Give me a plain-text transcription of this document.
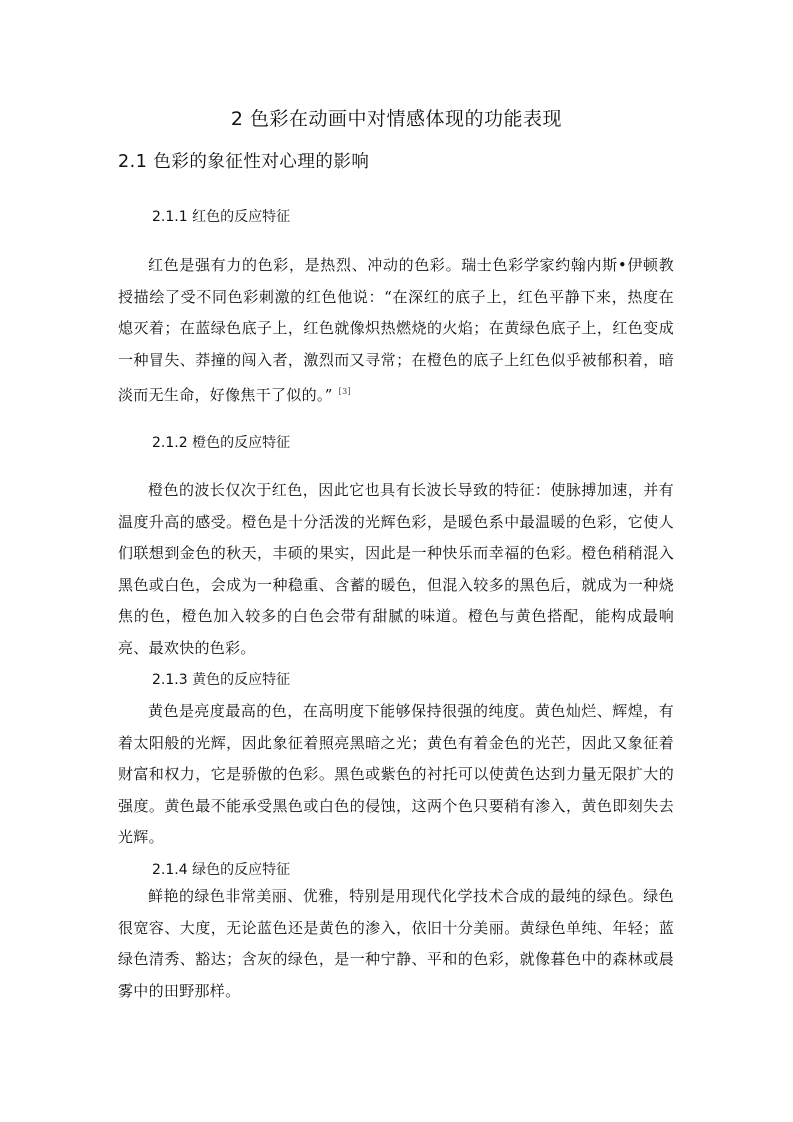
2 色彩在动画中对情感体现的功能表现
2.1 色彩的象征性对心理的影响
2.1.1 红色的反应特征
红色是强有力的色彩，是热烈、冲动的色彩。瑞士色彩学家约翰内斯•伊顿教授描绘了受不同色彩刺激的红色他说：“在深红的底子上，红色平静下来，热度在熄灭着；在蓝绿色底子上，红色就像炽热燃烧的火焰；在黄绿色底子上，红色变成一种冒失、莽撞的闯入者，激烈而又寻常；在橙色的底子上红色似乎被郁积着，暗淡而无生命，好像焦干了似的。” [3]
2.1.2 橙色的反应特征
橙色的波长仅次于红色，因此它也具有长波长导致的特征：使脉搏加速，并有温度升高的感受。橙色是十分活泼的光辉色彩，是暖色系中最温暖的色彩，它使人们联想到金色的秋天，丰硕的果实，因此是一种快乐而幸福的色彩。橙色稍稍混入黑色或白色，会成为一种稳重、含蓄的暖色，但混入较多的黑色后，就成为一种烧焦的色，橙色加入较多的白色会带有甜腻的味道。橙色与黄色搭配，能构成最响亮、最欢快的色彩。
2.1.3 黄色的反应特征
黄色是亮度最高的色，在高明度下能够保持很强的纯度。黄色灿烂、辉煌，有着太阳般的光辉，因此象征着照亮黑暗之光；黄色有着金色的光芒，因此又象征着财富和权力，它是骄傲的色彩。黑色或紫色的衬托可以使黄色达到力量无限扩大的强度。黄色最不能承受黑色或白色的侵蚀，这两个色只要稍有渗入，黄色即刻失去光辉。
2.1.4 绿色的反应特征
鲜艳的绿色非常美丽、优雅，特别是用现代化学技术合成的最纯的绿色。绿色很宽容、大度，无论蓝色还是黄色的渗入，依旧十分美丽。黄绿色单纯、年轻；蓝绿色清秀、豁达；含灰的绿色，是一种宁静、平和的色彩，就像暮色中的森林或晨雾中的田野那样。
